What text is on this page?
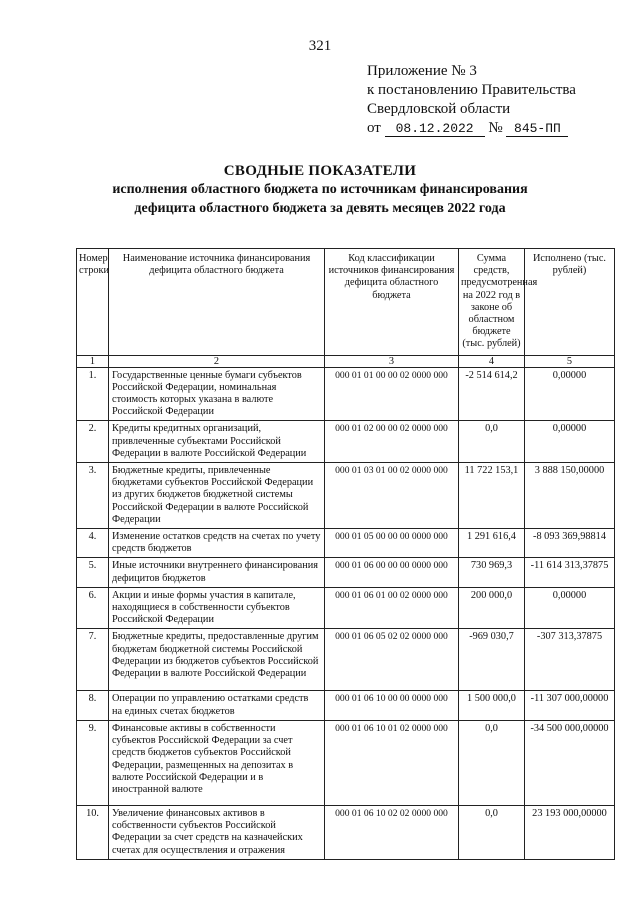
321
Приложение № 3
к постановлению Правительства
Свердловской области
от 08.12.2022 № 845-ПП
СВОДНЫЕ ПОКАЗАТЕЛИ
исполнения областного бюджета по источникам финансирования
дефицита областного бюджета за девять месяцев 2022 года
Номер строки	Наименование источника финансирования дефицита областного бюджета	Код классификации источников финансирования дефицита областного бюджета	Сумма средств, предусмотренная на 2022 год в законе об областном бюджете (тыс. рублей)	Исполнено (тыс. рублей)
1	2	3	4	5
1.	Государственные ценные бумаги субъектов Российской Федерации, номинальная стоимость которых указана в валюте Российской Федерации	000 01 01 00 00 02 0000 000	-2 514 614,2	0,00000
2.	Кредиты кредитных организаций, привлеченные субъектами Российской Федерации в валюте Российской Федерации	000 01 02 00 00 02 0000 000	0,0	0,00000
3.	Бюджетные кредиты, привлеченные бюджетами субъектов Российской Федерации из других бюджетов бюджетной системы Российской Федерации в валюте Российской Федерации	000 01 03 01 00 02 0000 000	11 722 153,1	3 888 150,00000
4.	Изменение остатков средств на счетах по учету средств бюджетов	000 01 05 00 00 00 0000 000	1 291 616,4	-8 093 369,98814
5.	Иные источники внутреннего финансирования дефицитов бюджетов	000 01 06 00 00 00 0000 000	730 969,3	-11 614 313,37875
6.	Акции и иные формы участия в капитале, находящиеся в собственности субъектов Российской Федерации	000 01 06 01 00 02 0000 000	200 000,0	0,00000
7.	Бюджетные кредиты, предоставленные другим бюджетам бюджетной системы Российской Федерации из бюджетов субъектов Российской Федерации в валюте Российской Федерации	000 01 06 05 02 02 0000 000	-969 030,7	-307 313,37875
8.	Операции по управлению остатками средств на единых счетах бюджетов	000 01 06 10 00 00 0000 000	1 500 000,0	-11 307 000,00000
9.	Финансовые активы в собственности субъектов Российской Федерации за счет средств бюджетов субъектов Российской Федерации, размещенных на депозитах в валюте Российской Федерации и в иностранной валюте	000 01 06 10 01 02 0000 000	0,0	-34 500 000,00000
10.	Увеличение финансовых активов в собственности субъектов Российской Федерации за счет средств на казначейских счетах для осуществления и отражения	000 01 06 10 02 02 0000 000	0,0	23 193 000,00000
